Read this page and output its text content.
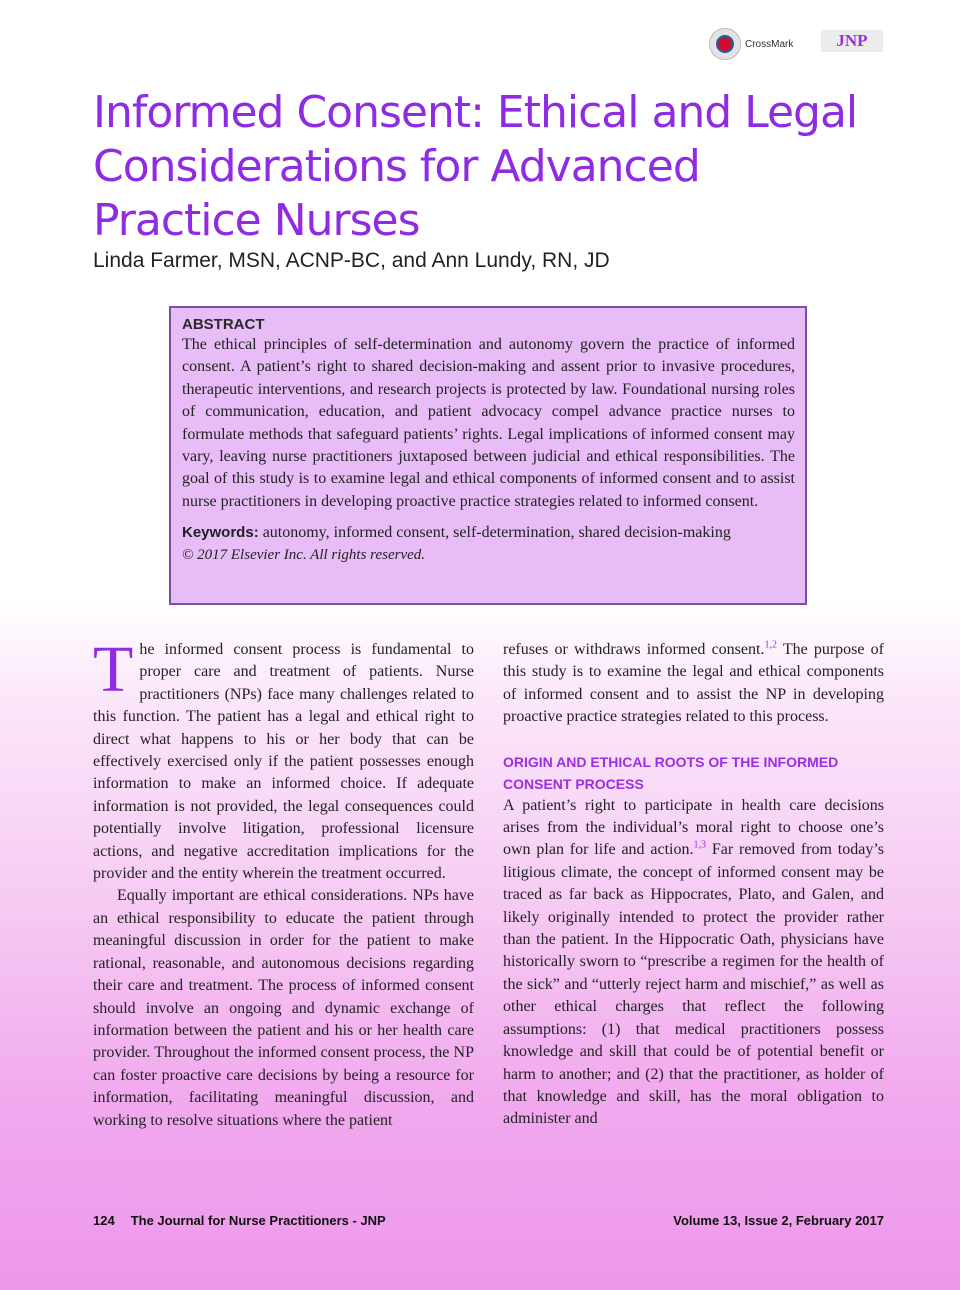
CrossMark	JNP
Informed Consent: Ethical and Legal Considerations for Advanced Practice Nurses
Linda Farmer, MSN, ACNP-BC, and Ann Lundy, RN, JD

ABSTRACT

The ethical principles of self-determination and autonomy govern the practice of informed consent. A patient’s right to shared decision-making and assent prior to invasive procedures, therapeutic interventions, and research projects is protected by law. Foundational nursing roles of communication, education, and patient advocacy compel advance practice nurses to formulate methods that safeguard patients’ rights. Legal implications of informed consent may vary, leaving nurse practitioners juxtaposed between judicial and ethical responsibilities. The goal of this study is to examine legal and ethical components of informed consent and to assist nurse practitioners in developing proactive practice strategies related to informed consent.

Keywords: autonomy, informed consent, self-determination, shared decision-making

© 2017 Elsevier Inc. All rights reserved.

The informed consent process is fundamental to proper care and treatment of patients. Nurse practitioners (NPs) face many challenges related to this function. The patient has a legal and ethical right to direct what happens to his or her body that can be effectively exercised only if the patient possesses enough information to make an informed choice. If adequate information is not provided, the legal consequences could potentially involve litigation, professional licensure actions, and negative accreditation implications for the provider and the entity wherein the treatment occurred.

Equally important are ethical considerations. NPs have an ethical responsibility to educate the patient through meaningful discussion in order for the patient to make rational, reasonable, and autonomous decisions regarding their care and treatment. The process of informed consent should involve an ongoing and dynamic exchange of information between the patient and his or her health care provider. Throughout the informed consent process, the NP can foster proactive care decisions by being a resource for information, facilitating meaningful discussion, and working to resolve situations where the patient

refuses or withdraws informed consent.$^{1,2}$ The purpose of this study is to examine the legal and ethical components of informed consent and to assist the NP in developing proactive practice strategies related to this process.

ORIGIN AND ETHICAL ROOTS OF THE INFORMED CONSENT PROCESS

A patient’s right to participate in health care decisions arises from the individual’s moral right to choose one’s own plan for life and action.$^{1,3}$ Far removed from today’s litigious climate, the concept of informed consent may be traced as far back as Hippocrates, Plato, and Galen, and likely originally intended to protect the provider rather than the patient. In the Hippocratic Oath, physicians have historically sworn to “prescribe a regimen for the health of the sick” and “utterly reject harm and mischief,” as well as other ethical charges that reflect the following assumptions: (1) that medical practitioners possess knowledge and skill that could be of potential benefit or harm to another; and (2) that the practitioner, as holder of that knowledge and skill, has the moral obligation to administer and

124 The Journal for Nurse Practitioners - JNP	Volume 13, Issue 2, February 2017
